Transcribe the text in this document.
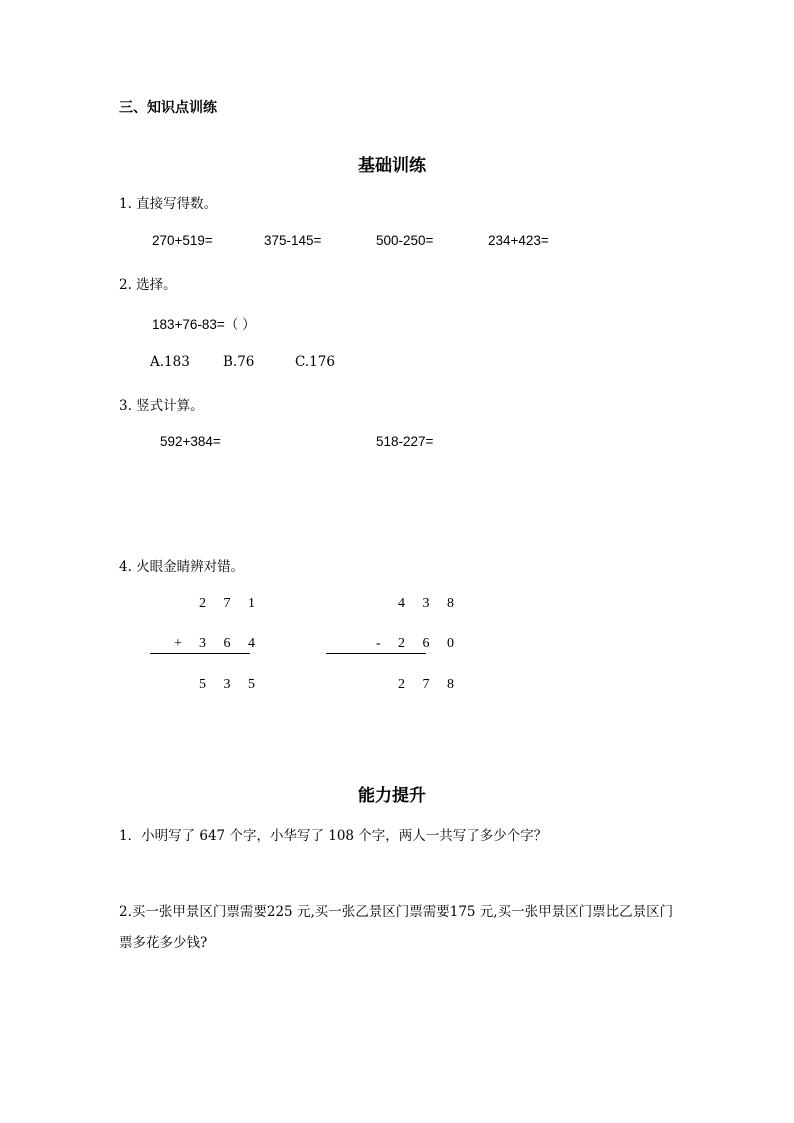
三、知识点训练
基础训练
1. 直接写得数。
270+519=	375-145=	500-250=	234+423=
2. 选择。
183+76-83=（ ）
A.183 B.76	C.176
3. 竖式计算。
592+384=	518-227=
4. 火眼金睛辨对错。
2 7 1
+ 3 6 4
5 3 5
4 3 8
- 2 6 0
2 7 8
能力提升
1．小明写了 647 个字，小华写了 108 个字，两人一共写了多少个字？
2.买一张甲景区门票需要225 元,买一张乙景区门票需要175 元,买一张甲景区门票比乙景区门票多花多少钱?
